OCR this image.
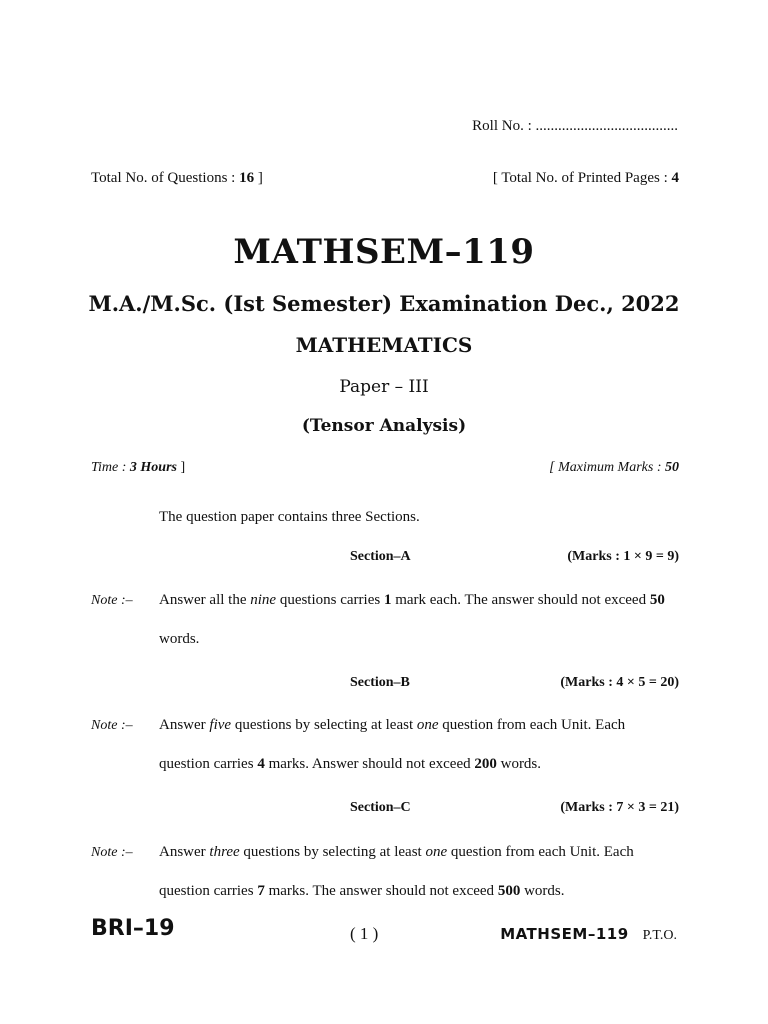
Roll No. : ......................................
Total No. of Questions : 16 ]	[ Total No. of Printed Pages : 4
MATHSEM–119
M.A./M.Sc. (Ist Semester) Examination Dec., 2022
MATHEMATICS
Paper – III
(Tensor Analysis)
Time : 3 Hours ]	[ Maximum Marks : 50
The question paper contains three Sections.
Section–A	(Marks : 1 × 9 = 9)
Note :– Answer all the nine questions carries 1 mark each. The answer should not exceed 50 words.
Section–B	(Marks : 4 × 5 = 20)
Note :– Answer five questions by selecting at least one question from each Unit. Each question carries 4 marks. Answer should not exceed 200 words.
Section–C	(Marks : 7 × 3 = 21)
Note :– Answer three questions by selecting at least one question from each Unit. Each question carries 7 marks. The answer should not exceed 500 words.
BRI–19	( 1 )	MATHSEM–119 P.T.O.
